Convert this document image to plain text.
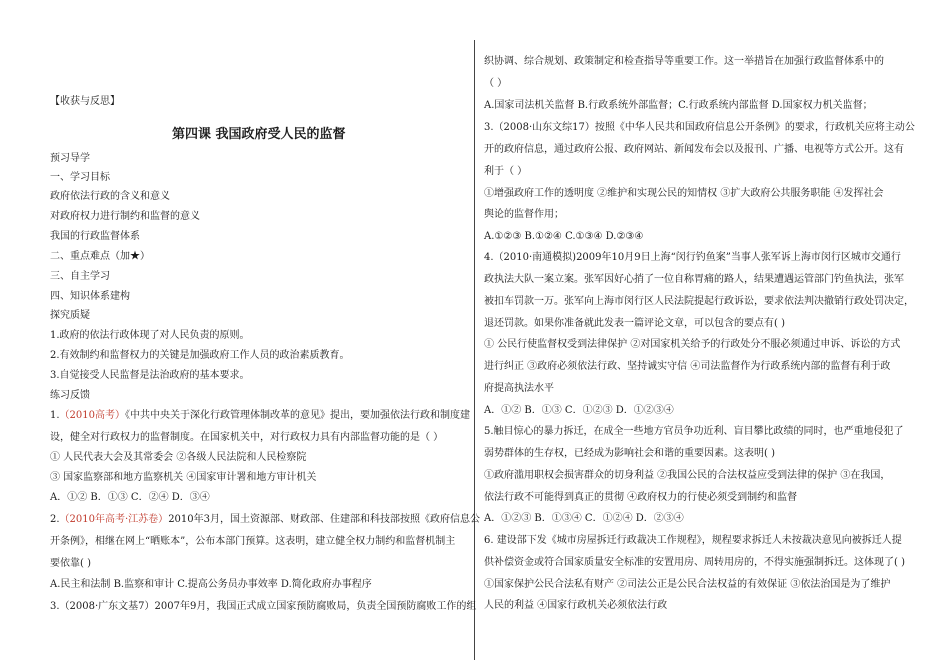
【收获与反思】
第四课 我国政府受人民的监督
预习导学
一、学习目标
政府依法行政的含义和意义
对政府权力进行制约和监督的意义
我国的行政监督体系
二、重点难点（加★）
三、自主学习
四、知识体系建构
探究质疑
1.政府的依法行政体现了对人民负责的原则。
2.有效制约和监督权力的关键是加强政府工作人员的政治素质教育。
3.自觉接受人民监督是法治政府的基本要求。
练习反馈
1.（2010高考）《中共中央关于深化行政管理体制改革的意见》提出，要加强依法行政和制度建
设，健全对行政权力的监督制度。在国家机关中，对行政权力具有内部监督功能的是（ ）
① 人民代表大会及其常委会 ②各级人民法院和人民检察院
③ 国家监察部和地方监察机关 ④国家审计署和地方审计机关
A．①② B．①③ C．②④ D．③④
2.（2010年高考·江苏卷）2010年3月，国土资源部、财政部、住建部和科技部按照《政府信息公
开条例》，相继在网上“晒账本”，公布本部门预算。这表明，建立健全权力制约和监督机制主
要依靠( )
A.民主和法制 B.监察和审计 C.提高公务员办事效率 D.简化政府办事程序
3.（2008·广东文基7）2007年9月，我国正式成立国家预防腐败局，负责全国预防腐败工作的组
织协调、综合规划、政策制定和检查指导等重要工作。这一举措旨在加强行政监督体系中的
（ ）
A.国家司法机关监督 B.行政系统外部监督；C.行政系统内部监督 D.国家权力机关监督；
3.（2008·山东文综17）按照《中华人民共和国政府信息公开条例》的要求，行政机关应将主动公
开的政府信息，通过政府公报、政府网站、新闻发布会以及报刊、广播、电视等方式公开。这有
利于（ ）
①增强政府工作的透明度 ②维护和实现公民的知情权 ③扩大政府公共服务职能 ④发挥社会
舆论的监督作用；
A.①②③ B.①②④ C.①③④ D.②③④
4.（2010·南通模拟)2009年10月9日上海“闵行钓鱼案”当事人张军诉上海市闵行区城市交通行
政执法大队一案立案。张军因好心捎了一位自称胃痛的路人，结果遭遇运管部门钓鱼执法，张军
被扣车罚款一万。张军向上海市闵行区人民法院提起行政诉讼，要求依法判决撤销行政处罚决定，
退还罚款。如果你准备就此发表一篇评论文章，可以包含的要点有( )
① 公民行使监督权受到法律保护 ②对国家机关给予的行政处分不服必须通过申诉、诉讼的方式
进行纠正 ③政府必须依法行政、坚持诚实守信 ④司法监督作为行政系统内部的监督有利于政
府提高执法水平
A．①② B．①③ C．①②③ D．①②③④
5.触目惊心的暴力拆迁，在成全一些地方官员争功近利、盲目攀比政绩的同时，也严重地侵犯了
弱势群体的生存权，已经成为影响社会和谐的重要因素。这表明( )
①政府滥用职权会损害群众的切身利益 ②我国公民的合法权益应受到法律的保护 ③在我国，
依法行政不可能得到真正的贯彻 ④政府权力的行使必须受到制约和监督
A．①②③ B．①③④ C．①②④ D．②③④
6. 建设部下发《城市房屋拆迁行政裁决工作规程》，规程要求拆迁人未按裁决意见向被拆迁人提
供补偿资金或符合国家质量安全标准的安置用房、周转用房的，不得实施强制拆迁。这体现了( )
①国家保护公民合法私有财产 ②司法公正是公民合法权益的有效保证 ③依法治国是为了维护
人民的利益 ④国家行政机关必须依法行政
